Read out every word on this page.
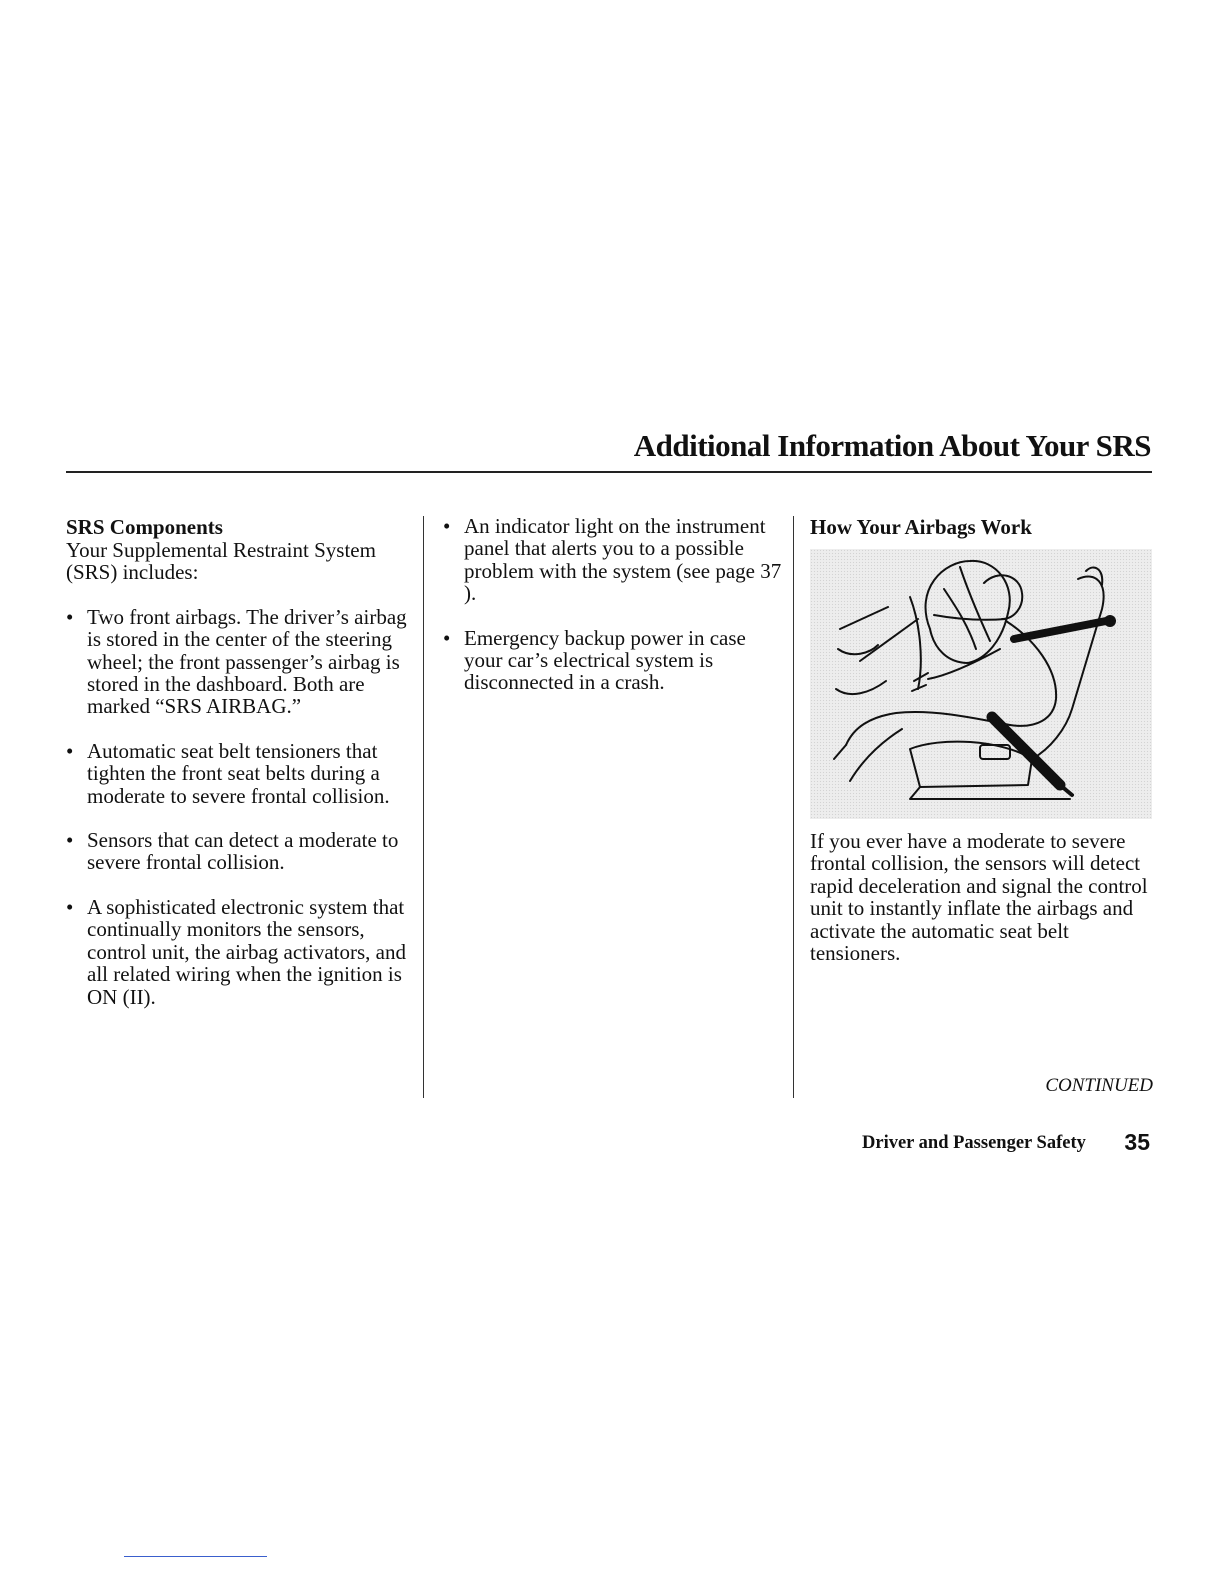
Additional Information About Your SRS

SRS Components

Your Supplemental Restraint System (SRS) includes:

• Two front airbags. The driver’s airbag is stored in the center of the steering wheel; the front passenger’s airbag is stored in the dashboard. Both are marked “SRS AIRBAG.”
• Automatic seat belt tensioners that tighten the front seat belts during a moderate to severe frontal collision.
• Sensors that can detect a moderate to severe frontal collision.
• A sophisticated electronic system that continually monitors the sensors, control unit, the airbag activators, and all related wiring when the ignition is ON (II).
• An indicator light on the instrument panel that alerts you to a possible problem with the system (see page 37 ).
• Emergency backup power in case your car’s electrical system is disconnected in a crash.

How Your Airbags Work

If you ever have a moderate to severe frontal collision, the sensors will detect rapid deceleration and signal the control unit to instantly inflate the airbags and activate the automatic seat belt tensioners.

CONTINUED

Driver and Passenger Safety 35
